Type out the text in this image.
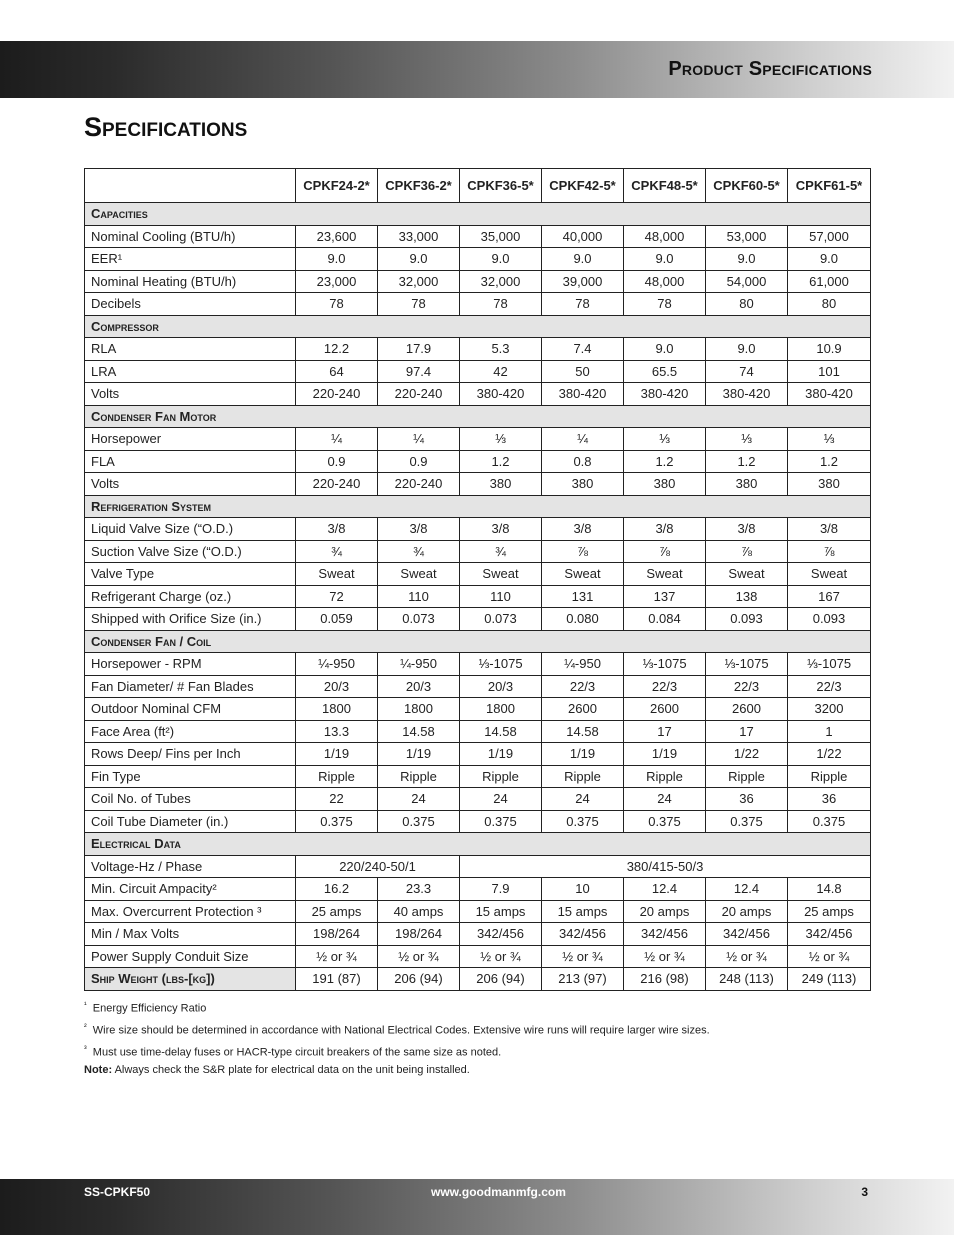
Product Specifications
Specifications
	CPKF24-2*	CPKF36-2*	CPKF36-5*	CPKF42-5*	CPKF48-5*	CPKF60-5*	CPKF61-5*
Capacities							
Nominal Cooling (BTU/h)	23,600	33,000	35,000	40,000	48,000	53,000	57,000
EER¹	9.0	9.0	9.0	9.0	9.0	9.0	9.0
Nominal Heating (BTU/h)	23,000	32,000	32,000	39,000	48,000	54,000	61,000
Decibels	78	78	78	78	78	80	80
Compressor							
RLA	12.2	17.9	5.3	7.4	9.0	9.0	10.9
LRA	64	97.4	42	50	65.5	74	101
Volts	220-240	220-240	380-420	380-420	380-420	380-420	380-420
Condenser Fan Motor							
Horsepower	¼	¼	⅓	¼	⅓	⅓	⅓
FLA	0.9	0.9	1.2	0.8	1.2	1.2	1.2
Volts	220-240	220-240	380	380	380	380	380
Refrigeration System							
Liquid Valve Size (“O.D.)	3/8	3/8	3/8	3/8	3/8	3/8	3/8
Suction Valve Size (“O.D.)	¾	¾	¾	⅞	⅞	⅞	⅞
Valve Type	Sweat	Sweat	Sweat	Sweat	Sweat	Sweat	Sweat
Refrigerant Charge (oz.)	72	110	110	131	137	138	167
Shipped with Orifice Size (in.)	0.059	0.073	0.073	0.080	0.084	0.093	0.093
Condenser Fan / Coil							
Horsepower - RPM	¼-950	¼-950	⅓-1075	¼-950	⅓-1075	⅓-1075	⅓-1075
Fan Diameter/ # Fan Blades	20/3	20/3	20/3	22/3	22/3	22/3	22/3
Outdoor Nominal CFM	1800	1800	1800	2600	2600	2600	3200
Face Area (ft²)	13.3	14.58	14.58	14.58	17	17	1
Rows Deep/ Fins per Inch	1/19	1/19	1/19	1/19	1/19	1/22	1/22
Fin Type	Ripple	Ripple	Ripple	Ripple	Ripple	Ripple	Ripple
Coil No. of Tubes	22	24	24	24	24	36	36
Coil Tube Diameter (in.)	0.375	0.375	0.375	0.375	0.375	0.375	0.375
Electrical Data							
Voltage-Hz / Phase	220/240-50/1		380/415-50/3				
Min. Circuit Ampacity²	16.2	23.3	7.9	10	12.4	12.4	14.8
Max. Overcurrent Protection ³	25 amps	40 amps	15 amps	15 amps	20 amps	20 amps	25 amps
Min / Max Volts	198/264	198/264	342/456	342/456	342/456	342/456	342/456
Power Supply Conduit Size	½ or ¾	½ or ¾	½ or ¾	½ or ¾	½ or ¾	½ or ¾	½ or ¾
Ship Weight (lbs-[kg])	191 (87)	206 (94)	206 (94)	213 (97)	216 (98)	248 (113)	249 (113)
$^{^1}$ Energy Efficiency Ratio
$^{^2}$ Wire size should be determined in accordance with National Electrical Codes. Extensive wire runs will require larger wire sizes.
$^{^3}$ Must use time-delay fuses or HACR-type circuit breakers of the same size as noted.
Note: Always check the S&R plate for electrical data on the unit being installed.
SS-CPKF50	www.goodmanmfg.com	3
